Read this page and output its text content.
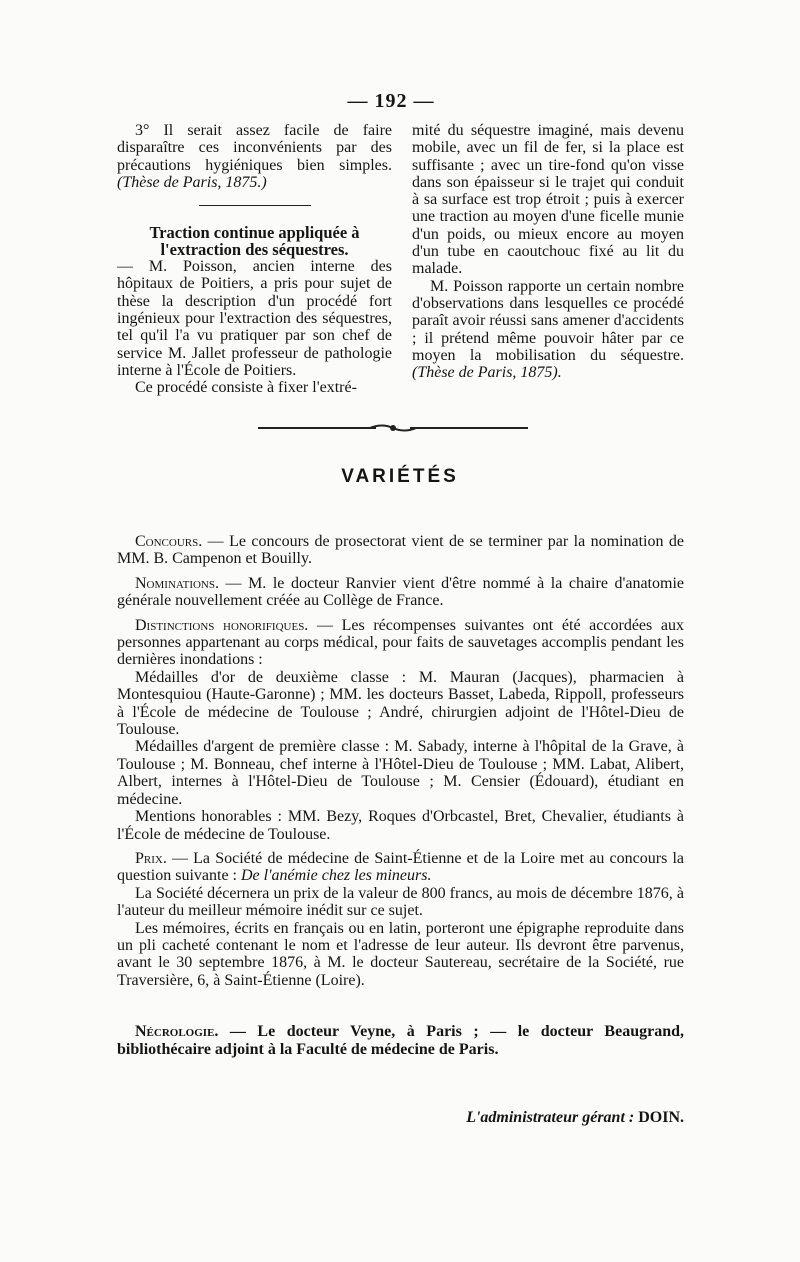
— 192 —

3° Il serait assez facile de faire disparaître ces inconvénients par des précautions hygiéniques bien simples. (Thèse de Paris, 1875.)

Traction continue appliquée à l'extraction des séquestres.

— M. Poisson, ancien interne des hôpitaux de Poitiers, a pris pour sujet de thèse la description d'un procédé fort ingénieux pour l'extraction des séquestres, tel qu'il l'a vu pratiquer par son chef de service M. Jallet professeur de pathologie interne à l'École de Poitiers.

Ce procédé consiste à fixer l'extré-

mité du séquestre imaginé, mais devenu mobile, avec un fil de fer, si la place est suffisante ; avec un tire-fond qu'on visse dans son épaisseur si le trajet qui conduit à sa surface est trop étroit ; puis à exercer une traction au moyen d'une ficelle munie d'un poids, ou mieux encore au moyen d'un tube en caoutchouc fixé au lit du malade.

M. Poisson rapporte un certain nombre d'observations dans lesquelles ce procédé paraît avoir réussi sans amener d'accidents ; il prétend même pouvoir hâter par ce moyen la mobilisation du séquestre. (Thèse de Paris, 1875).

VARIÉTÉS

Concours. — Le concours de prosectorat vient de se terminer par la nomination de MM. B. Campenon et Bouilly.

Nominations. — M. le docteur Ranvier vient d'être nommé à la chaire d'anatomie générale nouvellement créée au Collège de France.

Distinctions honorifiques. — Les récompenses suivantes ont été accordées aux personnes appartenant au corps médical, pour faits de sauvetages accomplis pendant les dernières inondations :

Médailles d'or de deuxième classe : M. Mauran (Jacques), pharmacien à Montesquiou (Haute-Garonne) ; MM. les docteurs Basset, Labeda, Rippoll, professeurs à l'École de médecine de Toulouse ; André, chirurgien adjoint de l'Hôtel-Dieu de Toulouse.

Médailles d'argent de première classe : M. Sabady, interne à l'hôpital de la Grave, à Toulouse ; M. Bonneau, chef interne à l'Hôtel-Dieu de Toulouse ; MM. Labat, Alibert, Albert, internes à l'Hôtel-Dieu de Toulouse ; M. Censier (Édouard), étudiant en médecine.

Mentions honorables : MM. Bezy, Roques d'Orbcastel, Bret, Chevalier, étudiants à l'École de médecine de Toulouse.

Prix. — La Société de médecine de Saint-Étienne et de la Loire met au concours la question suivante : De l'anémie chez les mineurs.

La Société décernera un prix de la valeur de 800 francs, au mois de décembre 1876, à l'auteur du meilleur mémoire inédit sur ce sujet.

Les mémoires, écrits en français ou en latin, porteront une épigraphe reproduite dans un pli cacheté contenant le nom et l'adresse de leur auteur. Ils devront être parvenus, avant le 30 septembre 1876, à M. le docteur Sautereau, secrétaire de la Société, rue Traversière, 6, à Saint-Étienne (Loire).

Nécrologie. — Le docteur Veyne, à Paris ; — le docteur Beaugrand, bibliothécaire adjoint à la Faculté de médecine de Paris.

L'administrateur gérant : DOIN.
